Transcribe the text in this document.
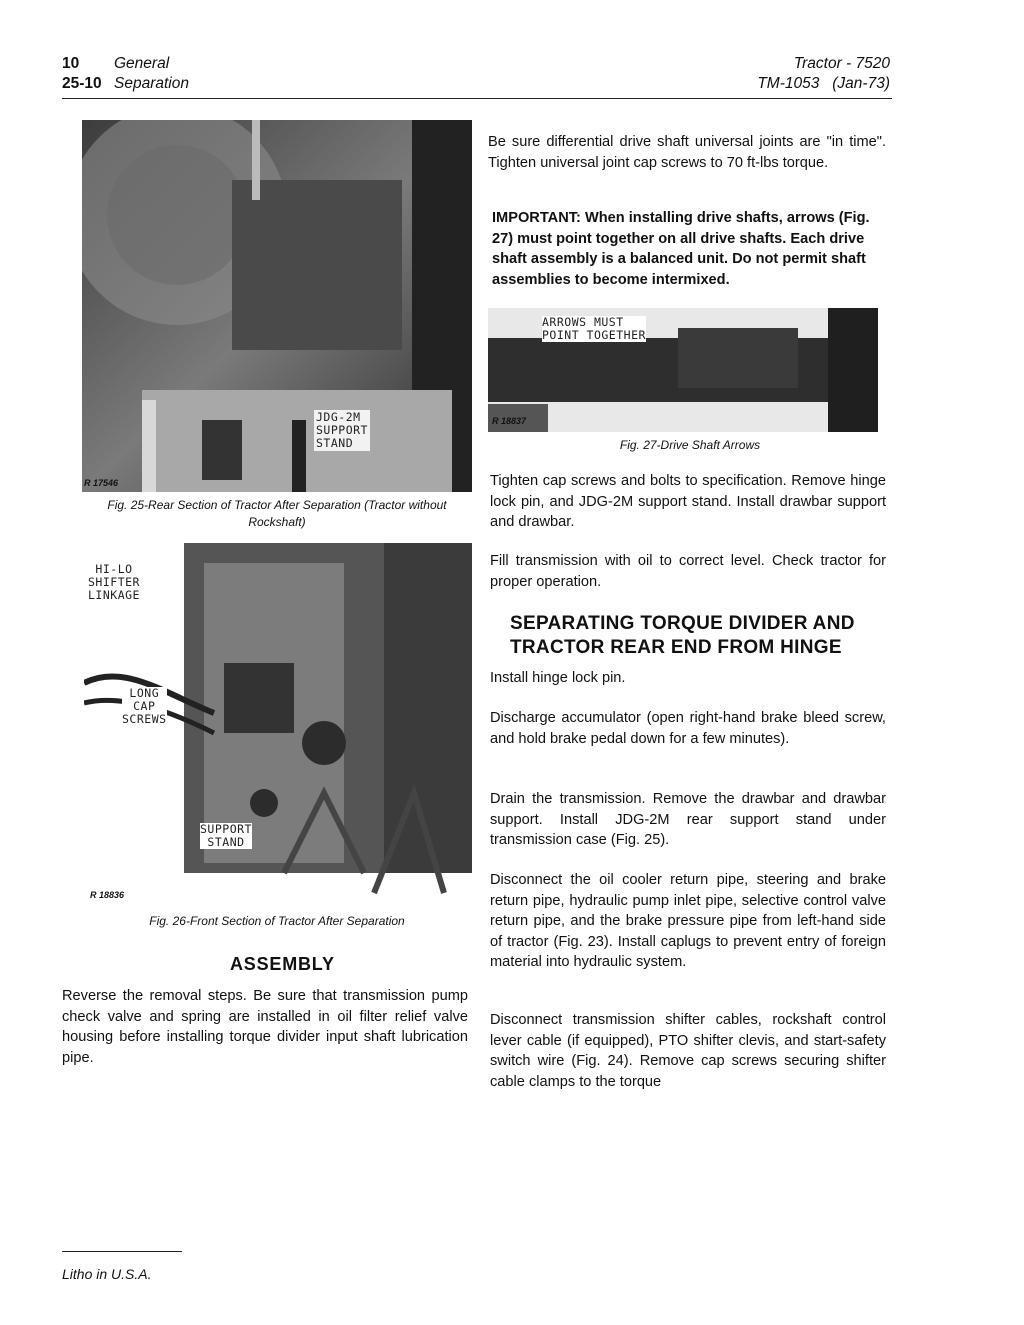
10 General
25-10 Separation
Tractor - 7520
TM-1053   (Jan-73)
JDG-2M
SUPPORT
STAND
R 17546
Fig. 25-Rear Section of Tractor After Separation (Tractor without Rockshaft)
HI-LO
SHIFTER
LINKAGE
LONG
CAP
SCREWS
SUPPORT
STAND
R 18836
Fig. 26-Front Section of Tractor After Separation
ASSEMBLY
Reverse the removal steps. Be sure that transmission pump check valve and spring are installed in oil filter relief valve housing before installing torque divider input shaft lubrication pipe.
Be sure differential drive shaft universal joints are "in time". Tighten universal joint cap screws to 70 ft-lbs torque.
IMPORTANT: When installing drive shafts, arrows (Fig. 27) must point together on all drive shafts. Each drive shaft assembly is a balanced unit. Do not permit shaft assemblies to become intermixed.
ARROWS MUST
POINT TOGETHER
R 18837
Fig. 27-Drive Shaft Arrows
Tighten cap screws and bolts to specification. Remove hinge lock pin, and JDG-2M support stand. Install drawbar support and drawbar.
Fill transmission with oil to correct level. Check tractor for proper operation.
SEPARATING TORQUE DIVIDER AND TRACTOR REAR END FROM HINGE
Install hinge lock pin.
Discharge accumulator (open right-hand brake bleed screw, and hold brake pedal down for a few minutes).
Drain the transmission. Remove the drawbar and drawbar support. Install JDG-2M rear support stand under transmission case (Fig. 25).
Disconnect the oil cooler return pipe, steering and brake return pipe, hydraulic pump inlet pipe, selective control valve return pipe, and the brake pressure pipe from left-hand side of tractor (Fig. 23). Install caplugs to prevent entry of foreign material into hydraulic system.
Disconnect transmission shifter cables, rockshaft control lever cable (if equipped), PTO shifter clevis, and start-safety switch wire (Fig. 24). Remove cap screws securing shifter cable clamps to the torque
Litho in U.S.A.
